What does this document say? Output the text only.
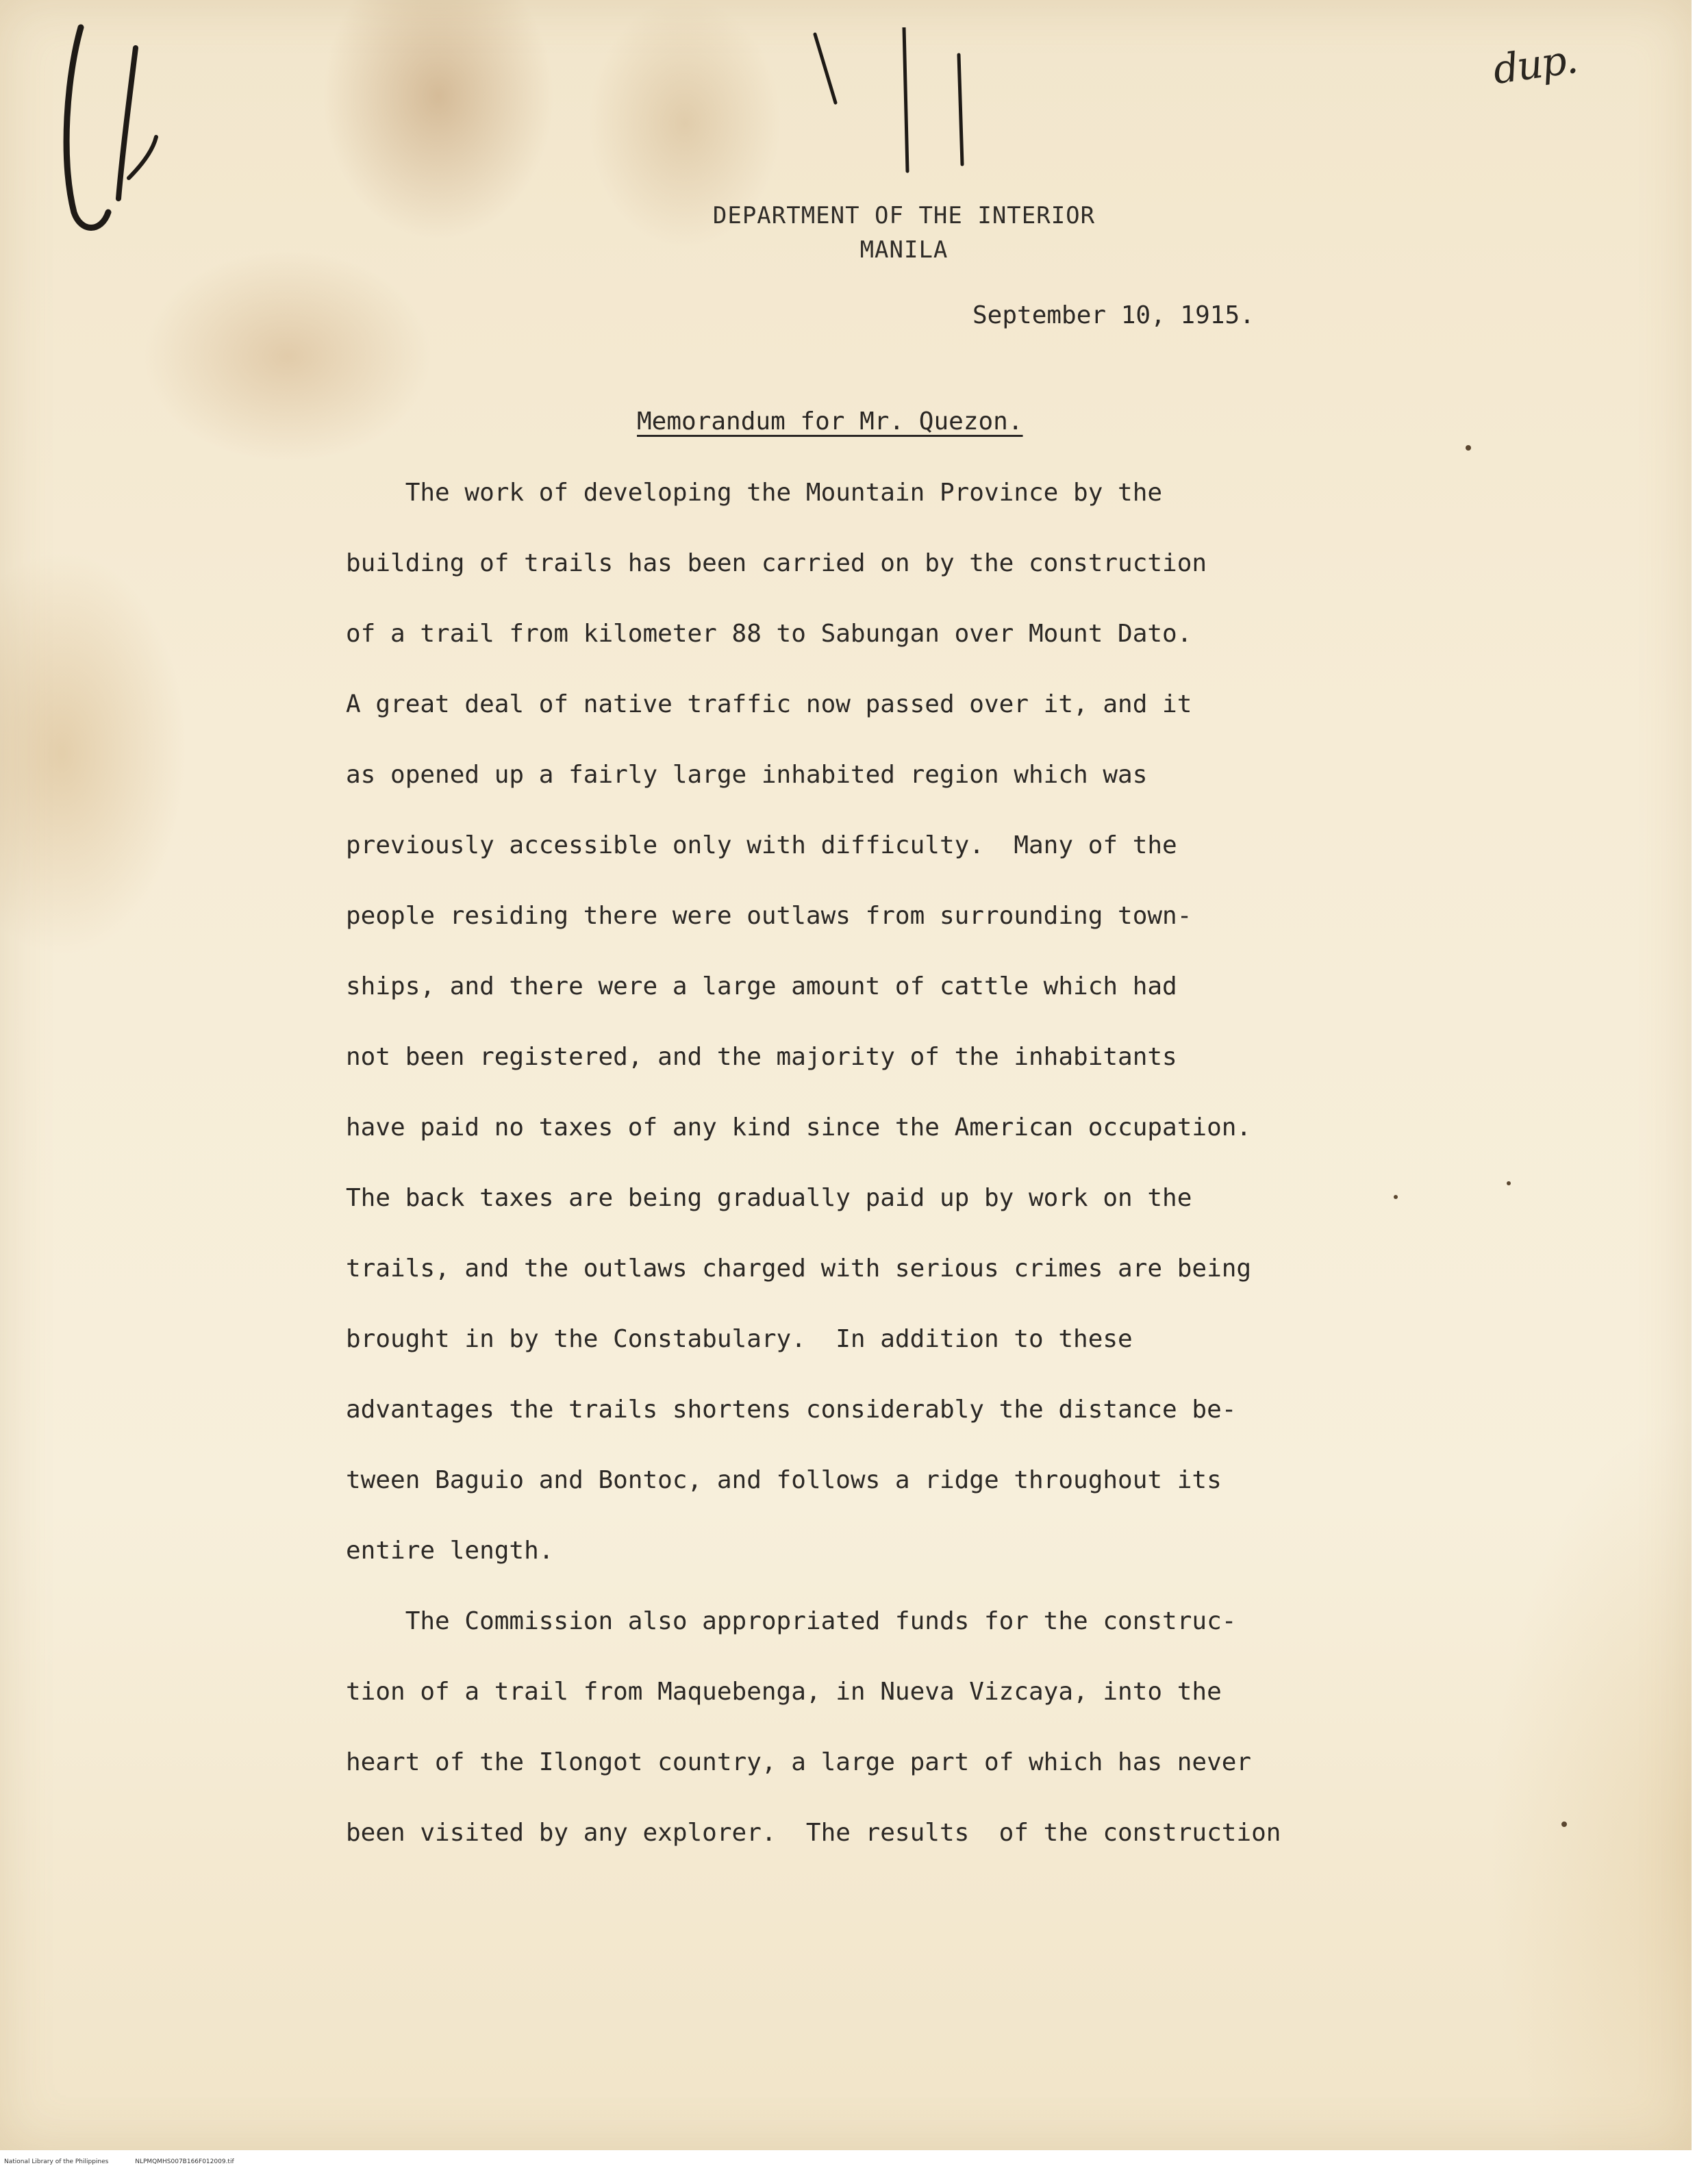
dup.
DEPARTMENT OF THE INTERIOR
MANILA
September 10, 1915.
Memorandum for Mr. Quezon.
The work of developing the Mountain Province by the
building of trails has been carried on by the construction
of a trail from kilometer 88 to Sabungan over Mount Dato.
A great deal of native traffic now passed over it, and it
as opened up a fairly large inhabited region which was
previously accessible only with difficulty.  Many of the
people residing there were outlaws from surrounding town-
ships, and there were a large amount of cattle which had
not been registered, and the majority of the inhabitants
have paid no taxes of any kind since the American occupation.
The back taxes are being gradually paid up by work on the
trails, and the outlaws charged with serious crimes are being
brought in by the Constabulary.  In addition to these
advantages the trails shortens considerably the distance be-
tween Baguio and Bontoc, and follows a ridge throughout its
entire length.
The Commission also appropriated funds for the construc-
tion of a trail from Maquebenga, in Nueva Vizcaya, into the
heart of the Ilongot country, a large part of which has never
been visited by any explorer.  The results  of the construction
National Library of the Philippines	NLPMQMHS007B166F012009.tif
